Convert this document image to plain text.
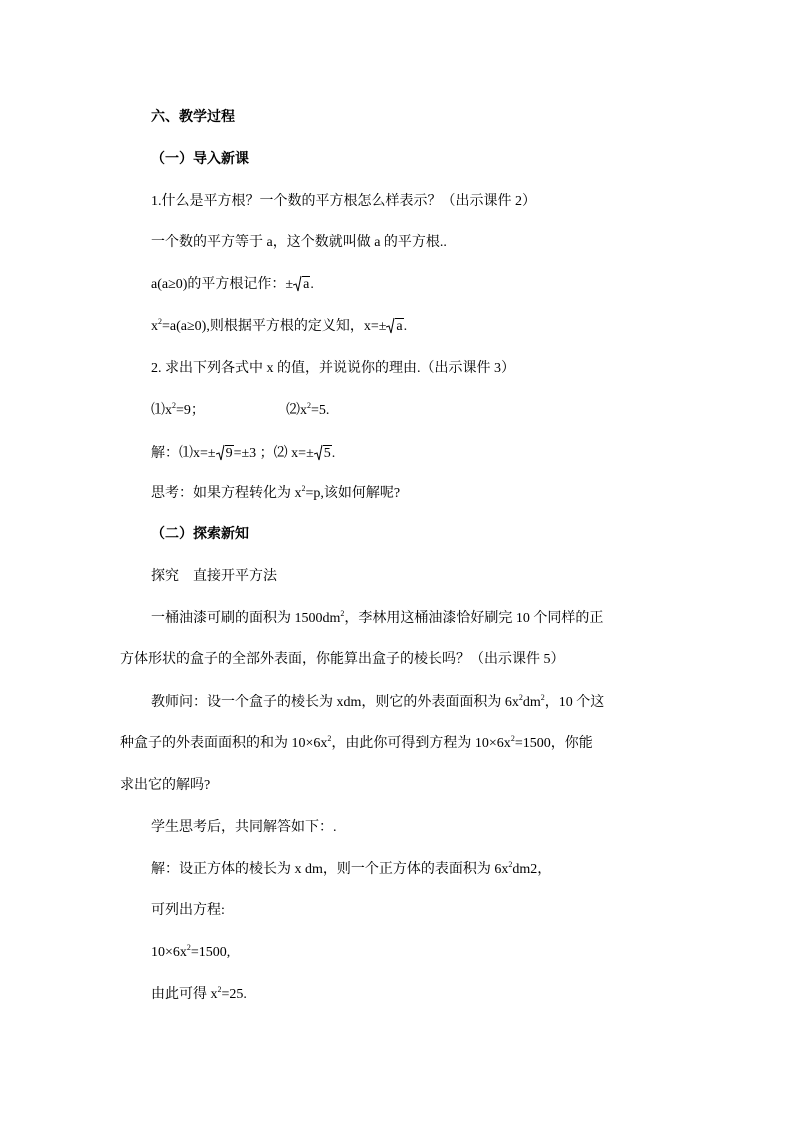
六、教学过程
（一）导入新课
1.什么是平方根？一个数的平方根怎么样表示？（出示课件 2）
一个数的平方等于 a，这个数就叫做 a 的平方根..
a(a≥0)的平方根记作：± a.
$x^2=a(a\ge 0)$,则根据平方根的定义知，x=± a.
2. 求出下列各式中 x 的值，并说说你的理由.（出示课件 3）
$⑴x^2=9$；	$⑵x^2=5$.
解：⑴x=± 9=±3 ；⑵ x=± 5.
思考：如果方程转化为 $x^2=p$,该如何解呢?
（二）探索新知
探究　直接开平方法
一桶油漆可刷的面积为 $1500dm^2$，李林用这桶油漆恰好刷完 10 个同样的正
方体形状的盒子的全部外表面，你能算出盒子的棱长吗？（出示课件 5）
教师问：设一个盒子的棱长为 xdm，则它的外表面面积为 $6x^2dm^2$，10 个这
种盒子的外表面面积的和为 $10\times 6x^2$，由此你可得到方程为 $10\times 6x^2=1500$，你能
求出它的解吗?
学生思考后，共同解答如下：.
解：设正方体的棱长为 x dm，则一个正方体的表面积为 $6x^2dm2$，
可列出方程:
$10\times 6x^2=1500$,
由此可得 $x^2=25$.
